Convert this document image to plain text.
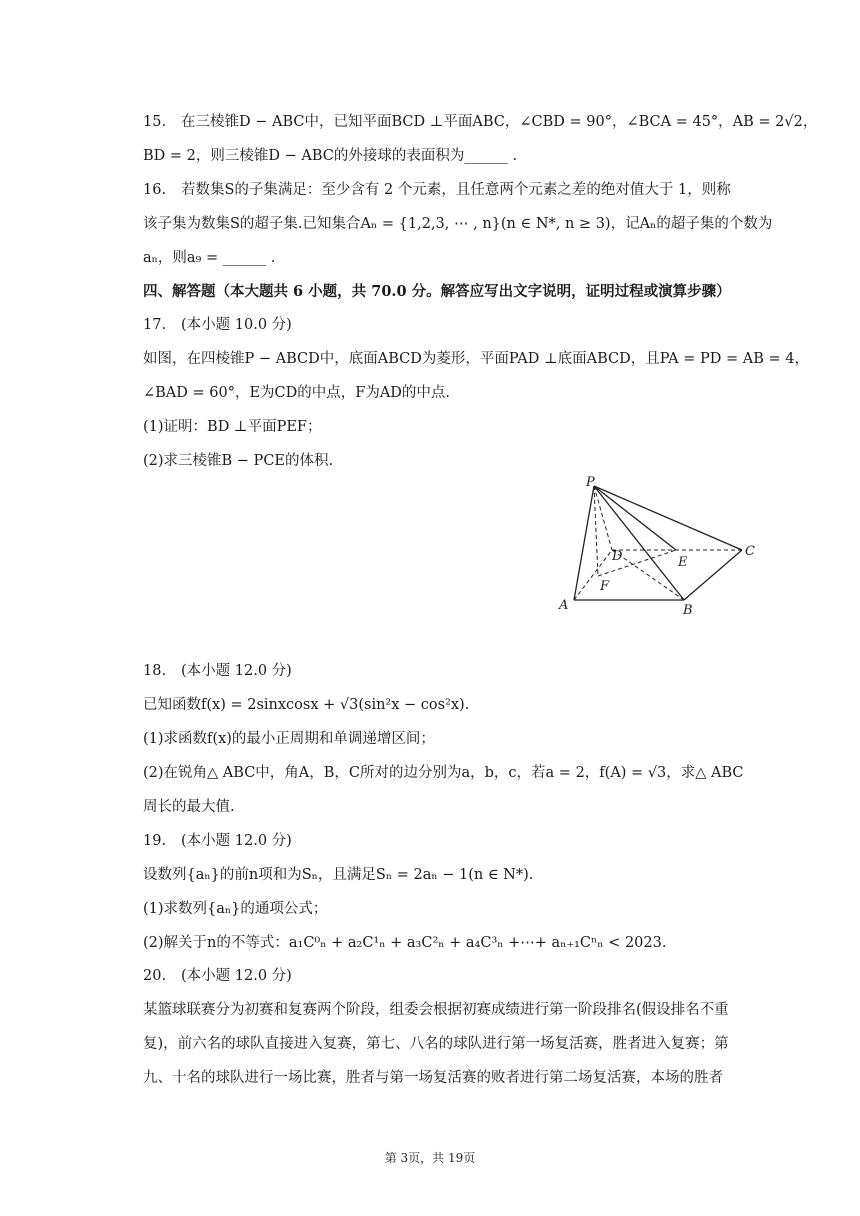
15. 在三棱锥D − ABC中，已知平面BCD ⊥平面ABC，∠CBD = 90°，∠BCA = 45°，AB = 2√2，
BD = 2，则三棱锥D − ABC的外接球的表面积为______ .
16. 若数集S的子集满足：至少含有 2 个元素，且任意两个元素之差的绝对值大于 1，则称
该子集为数集S的超子集.已知集合Aₙ = {1,2,3, ⋯ , n}(n ∈ N*, n ≥ 3)，记Aₙ的超子集的个数为
aₙ，则a₉ = ______ .
四、解答题（本大题共 6 小题，共 70.0 分。解答应写出文字说明，证明过程或演算步骤）
17. (本小题 10.0 分)
如图，在四棱锥P − ABCD中，底面ABCD为菱形，平面PAD ⊥底面ABCD，且PA = PD = AB = 4，
∠BAD = 60°，E为CD的中点，F为AD的中点.
(1)证明：BD ⊥平面PEF；
(2)求三棱锥B − PCE的体积.
P
D	E
C
F
A	B
18. (本小题 12.0 分)
已知函数f(x) = 2sinxcosx + √3(sin²x − cos²x).
(1)求函数f(x)的最小正周期和单调递增区间；
(2)在锐角△ ABC中，角A，B，C所对的边分别为a，b，c，若a = 2，f(A) = √3，求△ ABC
周长的最大值.
19. (本小题 12.0 分)
设数列{aₙ}的前n项和为Sₙ，且满足Sₙ = 2aₙ − 1(n ∈ N*).
(1)求数列{aₙ}的通项公式；
(2)解关于n的不等式：a₁C⁰ₙ + a₂C¹ₙ + a₃C²ₙ + a₄C³ₙ +⋯+ aₙ₊₁Cⁿₙ < 2023.
20. (本小题 12.0 分)
某篮球联赛分为初赛和复赛两个阶段，组委会根据初赛成绩进行第一阶段排名(假设排名不重
复)，前六名的球队直接进入复赛，第七、八名的球队进行第一场复活赛，胜者进入复赛；第
九、十名的球队进行一场比赛，胜者与第一场复活赛的败者进行第二场复活赛，本场的胜者
第 3页，共 19页
